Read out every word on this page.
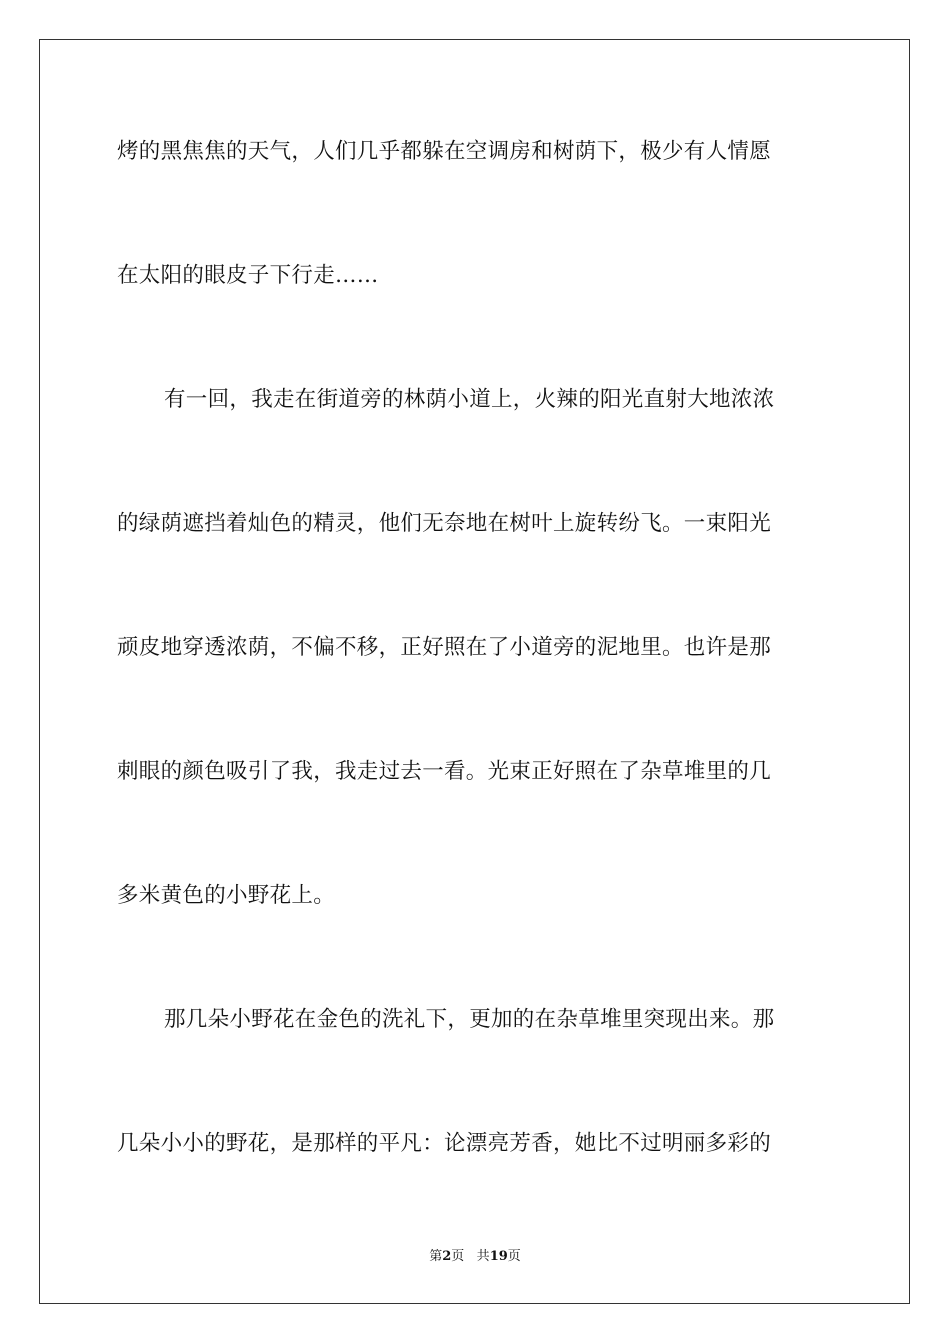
烤的黑焦焦的天气，人们几乎都躲在空调房和树荫下，极少有人情愿
在太阳的眼皮子下行走……
有一回，我走在街道旁的林荫小道上，火辣的阳光直射大地浓浓
的绿荫遮挡着灿色的精灵，他们无奈地在树叶上旋转纷飞。一束阳光
顽皮地穿透浓荫，不偏不移，正好照在了小道旁的泥地里。也许是那
刺眼的颜色吸引了我，我走过去一看。光束正好照在了杂草堆里的几
多米黄色的小野花上。
那几朵小野花在金色的洗礼下，更加的在杂草堆里突现出来。那
几朵小小的野花，是那样的平凡：论漂亮芳香，她比不过明丽多彩的
第2页 共19页
